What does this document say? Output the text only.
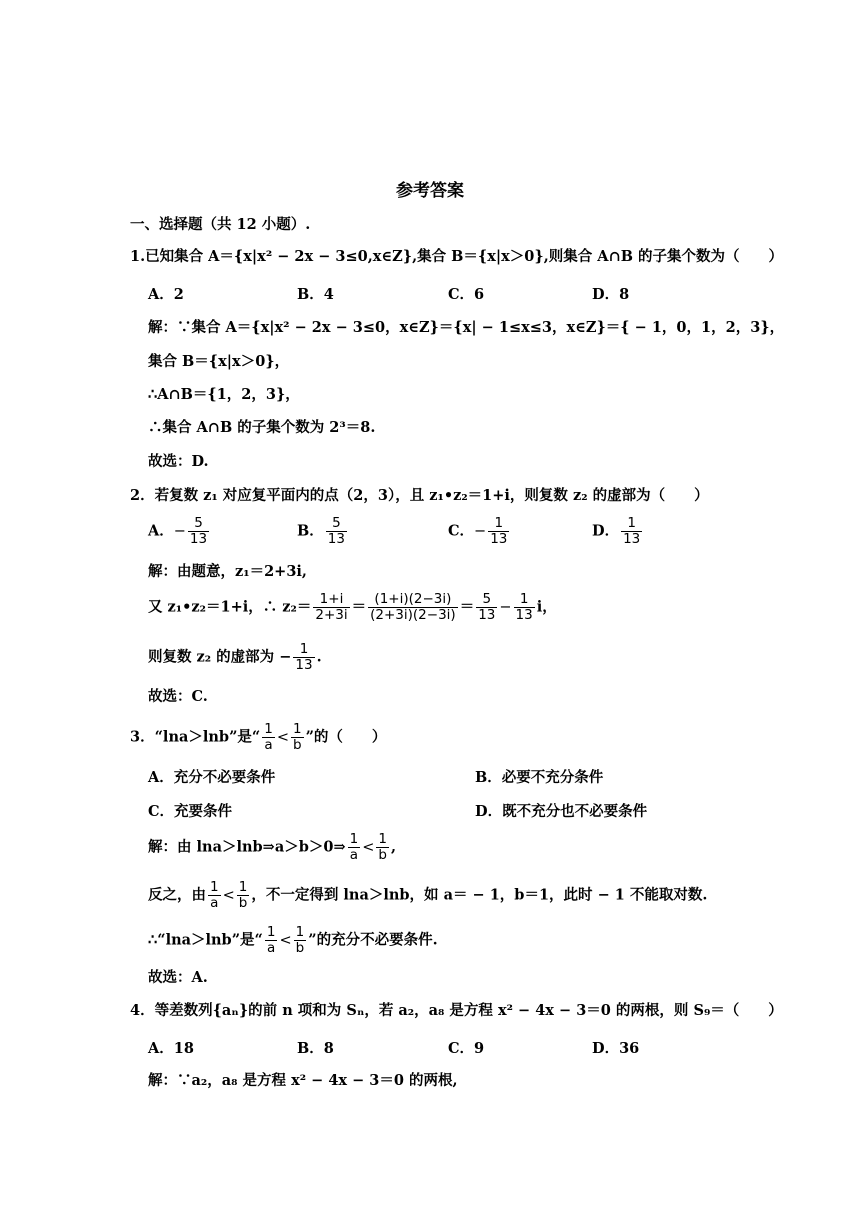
参考答案
一、选择题（共 12 小题）.
1.已知集合 A＝{x|x² − 2x − 3≤0,x∈Z},集合 B＝{x|x＞0},则集合 A∩B 的子集个数为（　　）
A．2	B．4	C．6	D．8
解：∵集合 A＝{x|x² − 2x − 3≤0，x∈Z}＝{x| − 1≤x≤3，x∈Z}＝{ − 1，0，1，2，3}，
集合 B＝{x|x＞0}，
∴A∩B＝{1，2，3}，
∴集合 A∩B 的子集个数为 2³＝8.
故选：D.
2．若复数 z₁ 对应复平面内的点（2，3），且 z₁•z₂＝1+i，则复数 z₂ 的虚部为（　　）
A．− $\frac{5}{13}$	B． $\frac{5}{13}$	C．− $\frac{1}{13}$	D． $\frac{1}{13}$
解：由题意，z₁＝2+3i,
又 z₁•z₂＝1+i，∴ $z_2= \frac{1+i}{2+3i} = \frac{(1+i)(2-3i)}{(2+3i)(2-3i)} = \frac{5}{13} - \frac{1}{13}$ i，
则复数 z₂ 的虚部为 − $\frac{1}{13}$ .
故选：C.
3．“lna＞lnb”是“ $\frac{1}{a} < \frac{1}{b}$ ”的（　　）
A．充分不必要条件	B．必要不充分条件
C．充要条件	D．既不充分也不必要条件
解：由 lna＞lnb⇒a＞b＞0⇒ $\frac{1}{a} < \frac{1}{b}$ ,
反之，由 $\frac{1}{a} < \frac{1}{b}$ ，不一定得到 lna＞lnb，如 a＝ − 1，b＝1，此时 − 1 不能取对数.
∴“lna＞lnb”是“ $\frac{1}{a} < \frac{1}{b}$ ”的充分不必要条件.
故选：A.
4．等差数列{aₙ}的前 n 项和为 Sₙ，若 a₂，a₈ 是方程 x² − 4x − 3＝0 的两根，则 S₉＝（　　）
A．18	B．8	C．9	D．36
解：∵a₂，a₈ 是方程 x² − 4x − 3＝0 的两根,
